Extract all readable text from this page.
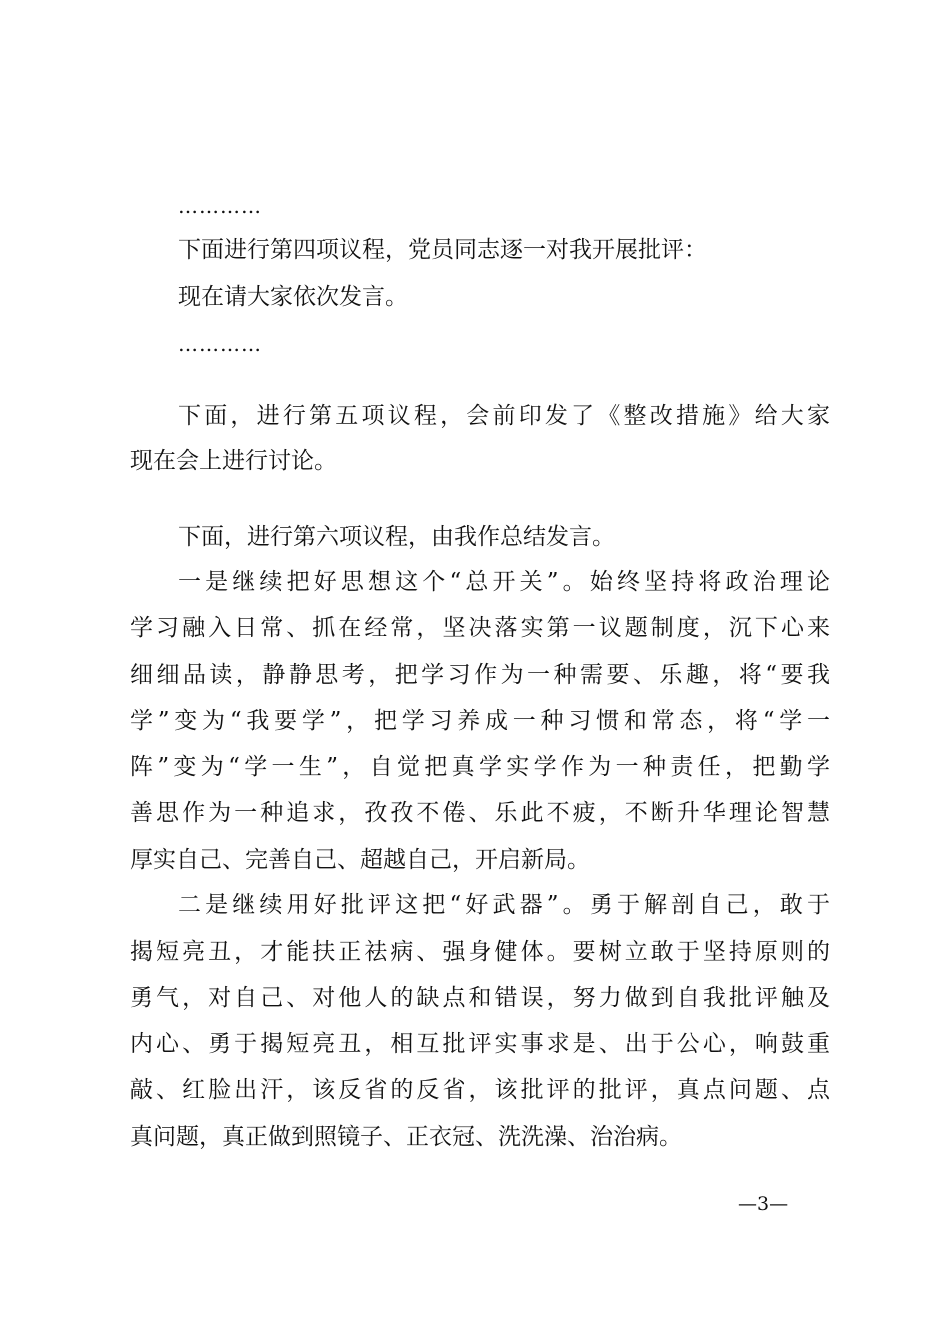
…………
下面进行第四项议程，党员同志逐一对我开展批评：
现在请大家依次发言。
…………
下面，进行第五项议程，会前印发了《整改措施》给大家
现在会上进行讨论。
下面，进行第六项议程，由我作总结发言。
一是继续把好思想这个“总开关”。始终坚持将政治理论
学习融入日常、抓在经常，坚决落实第一议题制度，沉下心来
细细品读，静静思考，把学习作为一种需要、乐趣，将“要我
学”变为“我要学”，把学习养成一种习惯和常态，将“学一
阵”变为“学一生”，自觉把真学实学作为一种责任，把勤学
善思作为一种追求，孜孜不倦、乐此不疲，不断升华理论智慧
厚实自己、完善自己、超越自己，开启新局。
二是继续用好批评这把“好武器”。勇于解剖自己，敢于
揭短亮丑，才能扶正祛病、强身健体。要树立敢于坚持原则的
勇气，对自己、对他人的缺点和错误，努力做到自我批评触及
内心、勇于揭短亮丑，相互批评实事求是、出于公心，响鼓重
敲、红脸出汗，该反省的反省，该批评的批评，真点问题、点
真问题，真正做到照镜子、正衣冠、洗洗澡、治治病。
—3—
